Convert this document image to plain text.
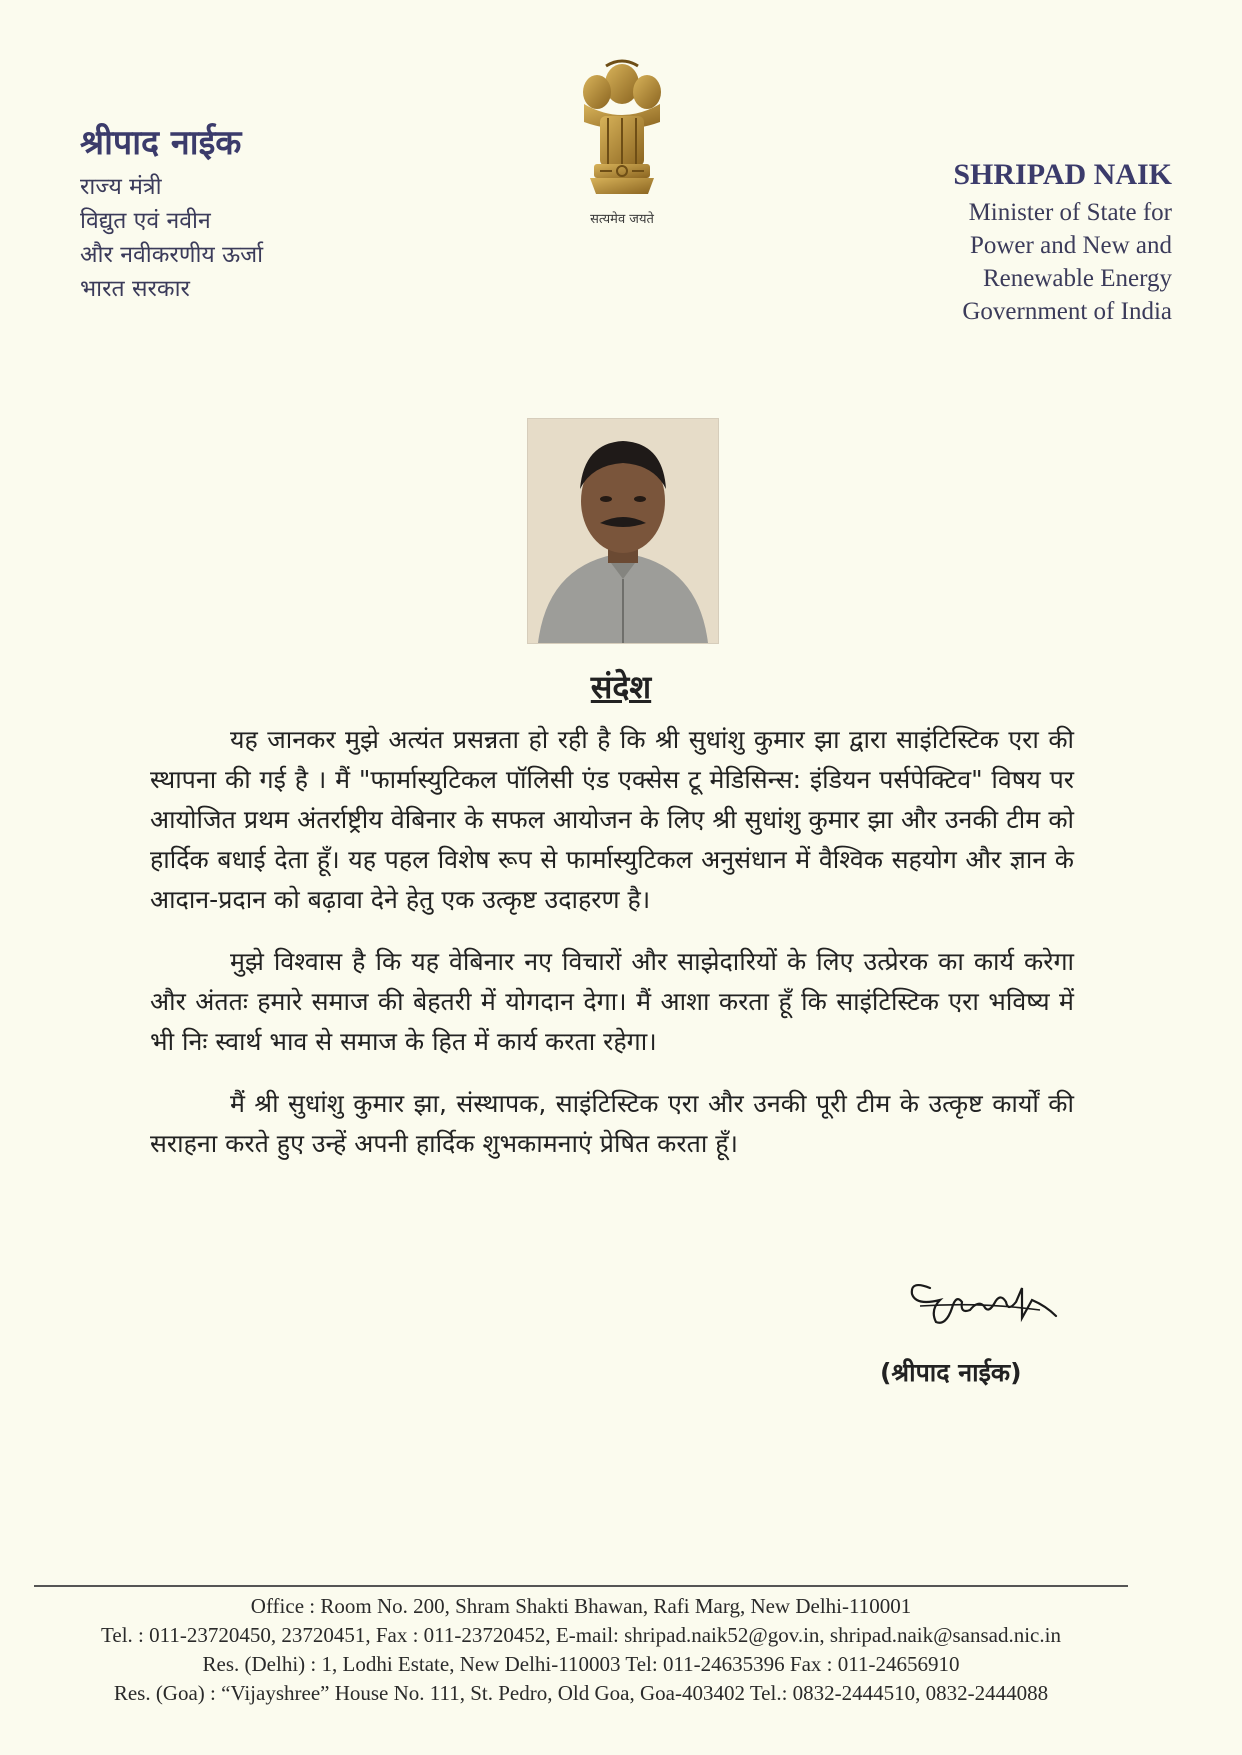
श्रीपाद नाईक
राज्य मंत्री
विद्युत एवं नवीन
और नवीकरणीय ऊर्जा
भारत सरकार
सत्यमेव जयते
SHRIPAD NAIK
Minister of State for
Power and New and
Renewable Energy
Government of India
संदेश

यह जानकर मुझे अत्यंत प्रसन्नता हो रही है कि श्री सुधांशु कुमार झा द्वारा साइंटिस्टिक एरा की स्थापना की गई है । मैं "फार्मास्युटिकल पॉलिसी एंड एक्सेस टू मेडिसिन्स: इंडियन पर्सपेक्टिव" विषय पर आयोजित प्रथम अंतर्राष्ट्रीय वेबिनार के सफल आयोजन के लिए श्री सुधांशु कुमार झा और उनकी टीम को हार्दिक बधाई देता हूँ। यह पहल विशेष रूप से फार्मास्युटिकल अनुसंधान में वैश्विक सहयोग और ज्ञान के आदान-प्रदान को बढ़ावा देने हेतु एक उत्कृष्ट उदाहरण है।

मुझे विश्वास है कि यह वेबिनार नए विचारों और साझेदारियों के लिए उत्प्रेरक का कार्य करेगा और अंततः हमारे समाज की बेहतरी में योगदान देगा। मैं आशा करता हूँ कि साइंटिस्टिक एरा भविष्य में भी निः स्वार्थ भाव से समाज के हित में कार्य करता रहेगा।

मैं श्री सुधांशु कुमार झा, संस्थापक, साइंटिस्टिक एरा और उनकी पूरी टीम के उत्कृष्ट कार्यों की सराहना करते हुए उन्हें अपनी हार्दिक शुभकामनाएं प्रेषित करता हूँ।

(श्रीपाद नाईक)
Office : Room No. 200, Shram Shakti Bhawan, Rafi Marg, New Delhi-110001
Tel. : 011-23720450, 23720451, Fax : 011-23720452, E-mail: shripad.naik52@gov.in, shripad.naik@sansad.nic.in
Res. (Delhi) : 1, Lodhi Estate, New Delhi-110003 Tel: 011-24635396 Fax : 011-24656910
Res. (Goa) : “Vijayshree” House No. 111, St. Pedro, Old Goa, Goa-403402 Tel.: 0832-2444510, 0832-2444088
